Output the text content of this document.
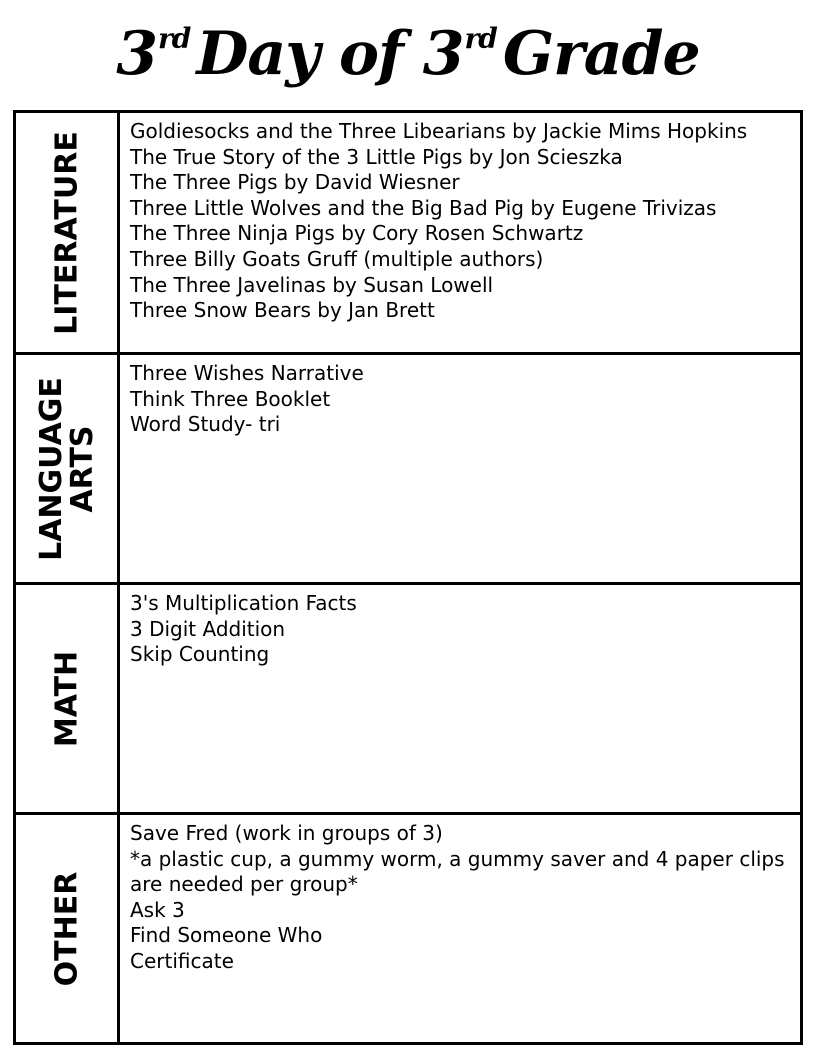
3rd Day of 3rd Grade
LITERATURE Goldiesocks and the Three Libearians by Jackie Mims Hopkins
The True Story of the 3 Little Pigs by Jon Scieszka
The Three Pigs by David Wiesner
Three Little Wolves and the Big Bad Pig by Eugene Trivizas
The Three Ninja Pigs by Cory Rosen Schwartz
Three Billy Goats Gruff (multiple authors)
The Three Javelinas by Susan Lowell
Three Snow Bears by Jan Brett
LANGUAGE
ARTS
Three Wishes Narrative
Think Three Booklet
Word Study- tri
MATH
3's Multiplication Facts
3 Digit Addition
Skip Counting
OTHER
Save Fred (work in groups of 3)
*a plastic cup, a gummy worm, a gummy saver and 4 paper clips are needed per group*
Ask 3
Find Someone Who
Certificate
